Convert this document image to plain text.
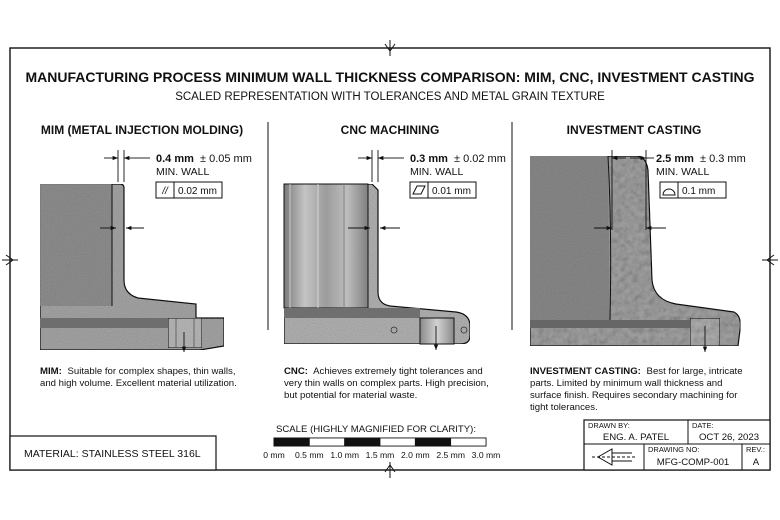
MANUFACTURING PROCESS MINIMUM WALL THICKNESS COMPARISON: MIM, CNC, INVESTMENT CASTING
SCALED REPRESENTATION WITH TOLERANCES AND METAL GRAIN TEXTURE
MIM (METAL INJECTION MOLDING)
0.4 mm ± 0.05 mm
MIN. WALL
// 0.02 mm
MIM: Suitable for complex shapes, thin walls,
and high volume. Excellent material utilization.
CNC MACHINING
0.3 mm ± 0.02 mm
MIN. WALL
0.01 mm
CNC: Achieves extremely tight tolerances and
very thin walls on complex parts. High precision,
but potential for material waste.
INVESTMENT CASTING
2.5 mm ± 0.3 mm
MIN. WALL
0.1 mm
INVESTMENT CASTING: Best for large, intricate
parts. Limited by minimum wall thickness and
surface finish. Requires secondary machining for
tight tolerances.
SCALE (HIGHLY MAGNIFIED FOR CLARITY):
0 mm 0.5 mm 1.0 mm 1.5 mm 2.0 mm 2.5 mm 3.0 mm
MATERIAL: STAINLESS STEEL 316L
DRAWN BY:
ENG. A. PATEL
DATE:
OCT 26, 2023
DRAWING NO:
MFG-COMP-001
REV.:
A
